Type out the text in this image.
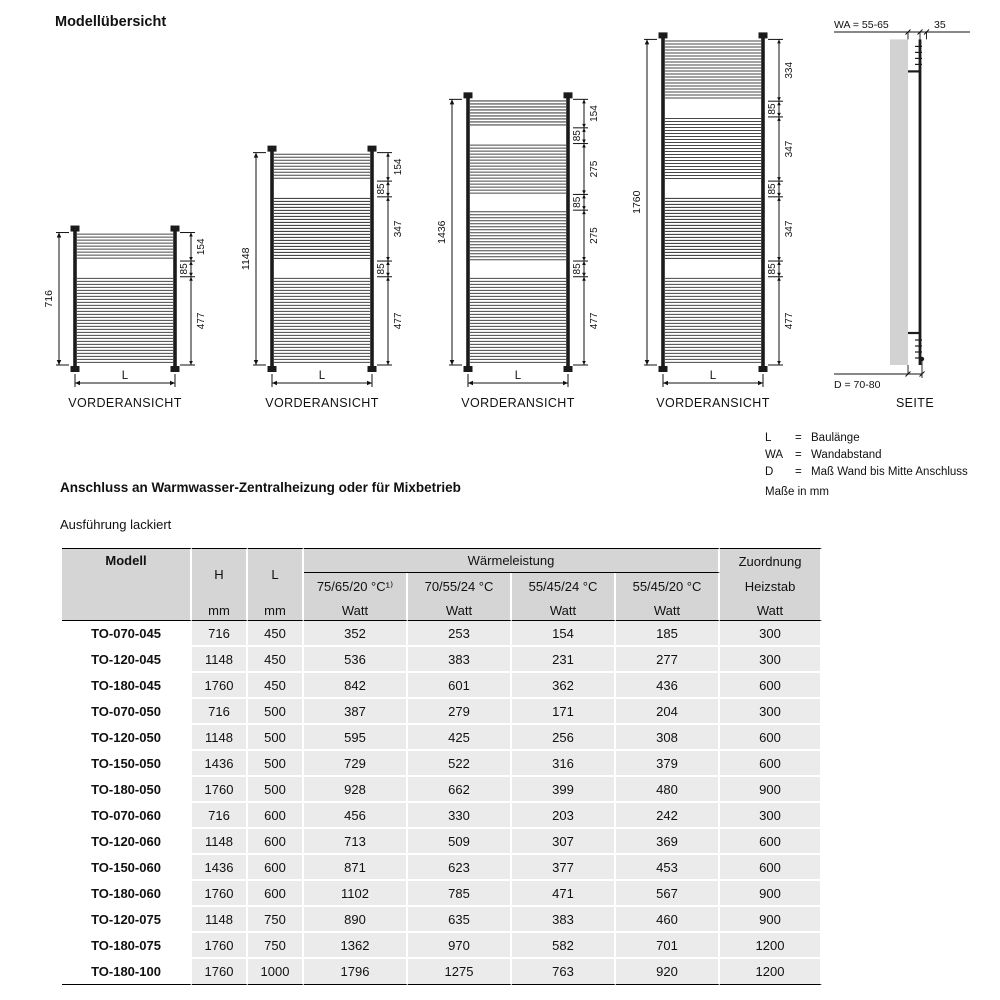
Modellübersicht
716
154
85
477
L
1148
154
85
347
85
477
L
1436
154
85
275
85
275
85
477
L
1760
334
85
347
85
347
85
477
L
WA = 55-65	35
D = 70-80
VORDERANSICHT	VORDERANSICHT	VORDERANSICHT	VORDERANSICHT	SEITE
L	= Baulänge
WA	= Wandabstand
D	= Maß Wand bis Mitte Anschluss
Maße in mm
Anschluss an Warmwasser-Zentralheizung oder für Mixbetrieb
Ausführung lackiert
Modell	H	L	Wärmeleistung				Zuordnung
			75/65/20 °C¹⁾	70/55/24 °C	55/45/24 °C	55/45/20 °C	Heizstab
	mm	mm	Watt	Watt	Watt	Watt	Watt
TO-070-045	716	450	352	253	154	185	300
TO-120-045	1148	450	536	383	231	277	300
TO-180-045	1760	450	842	601	362	436	600
TO-070-050	716	500	387	279	171	204	300
TO-120-050	1148	500	595	425	256	308	600
TO-150-050	1436	500	729	522	316	379	600
TO-180-050	1760	500	928	662	399	480	900
TO-070-060	716	600	456	330	203	242	300
TO-120-060	1148	600	713	509	307	369	600
TO-150-060	1436	600	871	623	377	453	600
TO-180-060	1760	600	1102	785	471	567	900
TO-120-075	1148	750	890	635	383	460	900
TO-180-075	1760	750	1362	970	582	701	1200
TO-180-100	1760	1000	1796	1275	763	920	1200
